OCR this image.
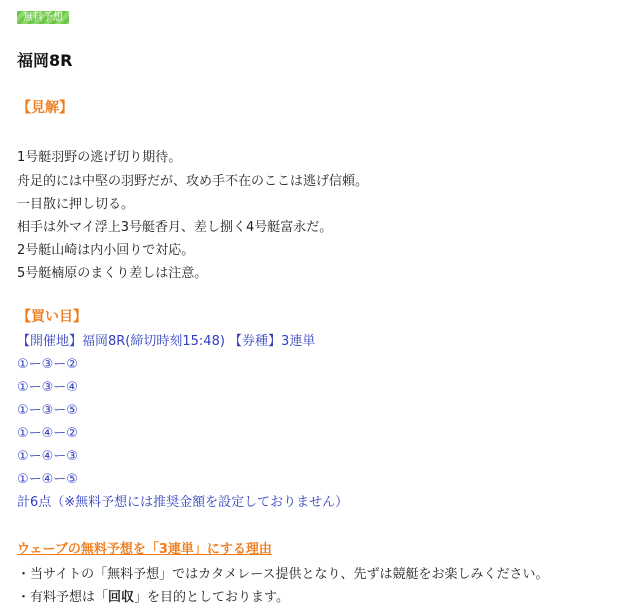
無料予想
福岡8R
【見解】
1号艇羽野の逃げ切り期待。
舟足的には中堅の羽野だが、攻め手不在のここは逃げ信頼。
一目散に押し切る。
相手は外マイ浮上3号艇香月、差し捌く4号艇富永だ。
2号艇山崎は内小回りで対応。
5号艇楠原のまくり差しは注意。
【買い目】
【開催地】福岡8R(締切時刻15:48) 【券種】3連単
①ー③ー②
①ー③ー④
①ー③ー⑤
①ー④ー②
①ー④ー③
①ー④ー⑤
計6点（※無料予想には推奨金額を設定しておりません）
ウェーブの無料予想を「3連単」にする理由
・当サイトの「無料予想」ではカタメレース提供となり、先ずは競艇をお楽しみください。
・有料予想は「回収」を目的としております。
